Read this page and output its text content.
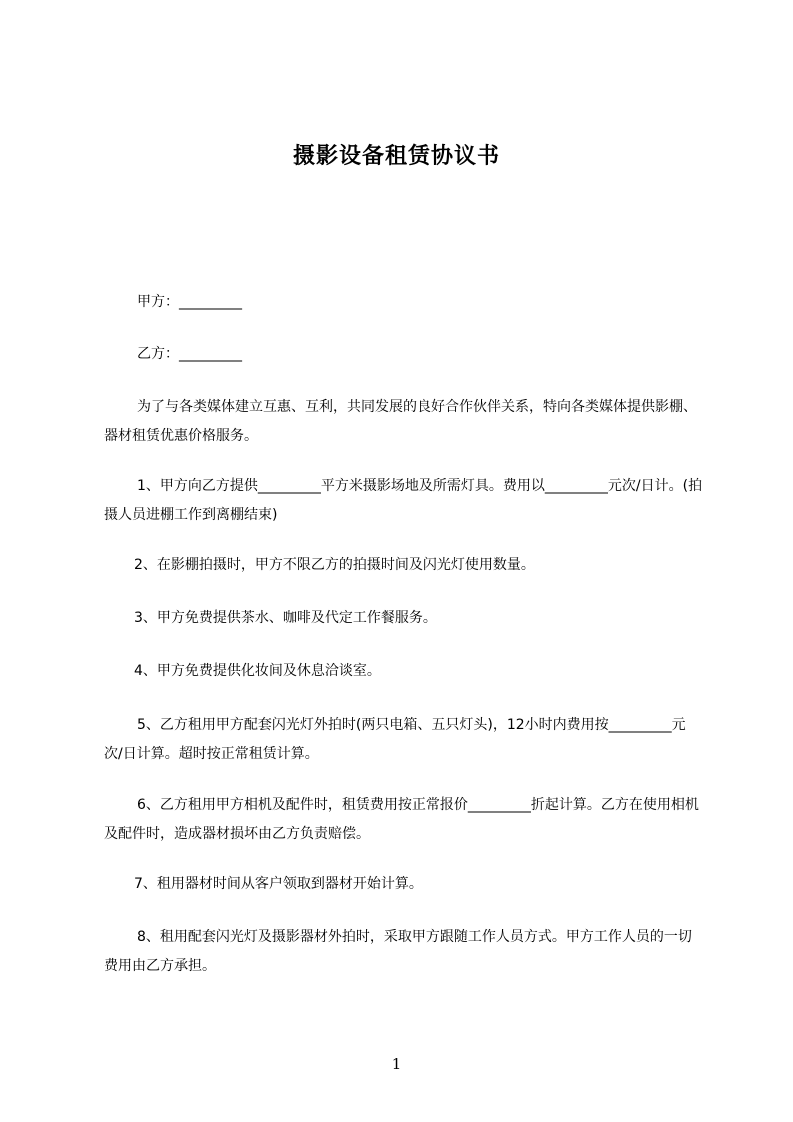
摄影设备租赁协议书

甲方：_________

乙方：_________

为了与各类媒体建立互惠、互利，共同发展的良好合作伙伴关系，特向各类媒体提供影棚、器材租赁优惠价格服务。

1、甲方向乙方提供_________平方米摄影场地及所需灯具。费用以_________元次/日计。(拍摄人员进棚工作到离棚结束)

2、在影棚拍摄时，甲方不限乙方的拍摄时间及闪光灯使用数量。

3、甲方免费提供茶水、咖啡及代定工作餐服务。

4、甲方免费提供化妆间及休息洽谈室。

5、乙方租用甲方配套闪光灯外拍时(两只电箱、五只灯头)，12小时内费用按_________元次/日计算。超时按正常租赁计算。

6、乙方租用甲方相机及配件时，租赁费用按正常报价_________折起计算。乙方在使用相机及配件时，造成器材损坏由乙方负责赔偿。

7、租用器材时间从客户领取到器材开始计算。

8、租用配套闪光灯及摄影器材外拍时，采取甲方跟随工作人员方式。甲方工作人员的一切费用由乙方承担。

1
